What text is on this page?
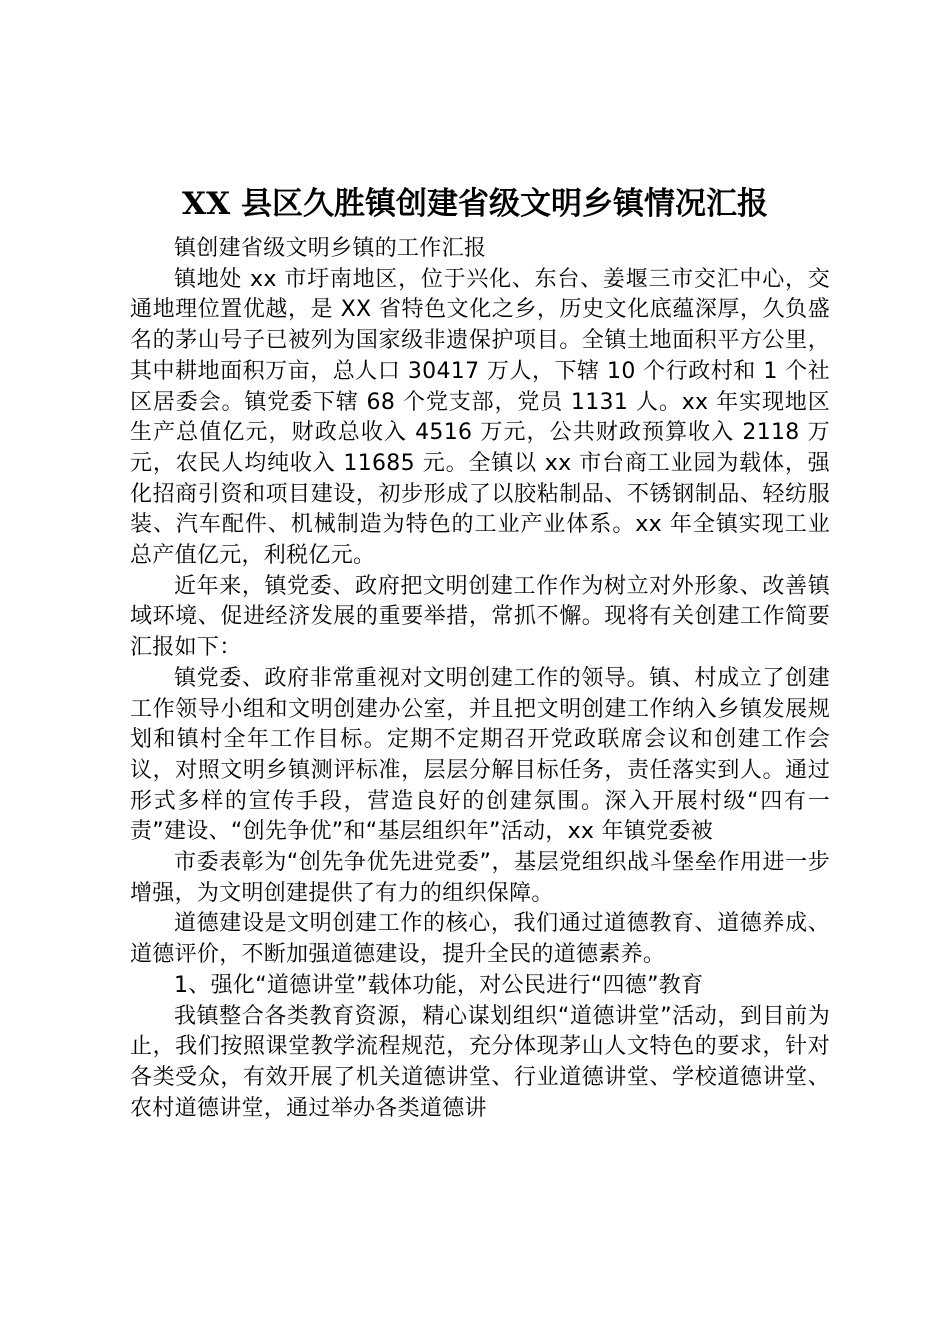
XX 县区久胜镇创建省级文明乡镇情况汇报

镇创建省级文明乡镇的工作汇报

镇地处 xx 市圩南地区，位于兴化、东台、姜堰三市交汇中心，交通地理位置优越，是 XX 省特色文化之乡，历史文化底蕴深厚，久负盛名的茅山号子已被列为国家级非遗保护项目。全镇土地面积平方公里，其中耕地面积万亩，总人口 30417 万人，下辖 10 个行政村和 1 个社区居委会。镇党委下辖 68 个党支部，党员 1131 人。xx 年实现地区生产总值亿元，财政总收入 4516 万元，公共财政预算收入 2118 万元，农民人均纯收入 11685 元。全镇以 xx 市台商工业园为载体，强化招商引资和项目建设，初步形成了以胶粘制品、不锈钢制品、轻纺服装、汽车配件、机械制造为特色的工业产业体系。xx 年全镇实现工业总产值亿元，利税亿元。

近年来，镇党委、政府把文明创建工作作为树立对外形象、改善镇域环境、促进经济发展的重要举措，常抓不懈。现将有关创建工作简要汇报如下：

镇党委、政府非常重视对文明创建工作的领导。镇、村成立了创建工作领导小组和文明创建办公室，并且把文明创建工作纳入乡镇发展规划和镇村全年工作目标。定期不定期召开党政联席会议和创建工作会议，对照文明乡镇测评标准，层层分解目标任务，责任落实到人。通过形式多样的宣传手段，营造良好的创建氛围。深入开展村级“四有一责”建设、“创先争优”和“基层组织年”活动，xx 年镇党委被

市委表彰为“创先争优先进党委”，基层党组织战斗堡垒作用进一步增强，为文明创建提供了有力的组织保障。

道德建设是文明创建工作的核心，我们通过道德教育、道德养成、道德评价，不断加强道德建设，提升全民的道德素养。

1、强化“道德讲堂”载体功能，对公民进行“四德”教育

我镇整合各类教育资源，精心谋划组织“道德讲堂”活动，到目前为止，我们按照课堂教学流程规范，充分体现茅山人文特色的要求，针对各类受众，有效开展了机关道德讲堂、行业道德讲堂、学校道德讲堂、农村道德讲堂，通过举办各类道德讲
